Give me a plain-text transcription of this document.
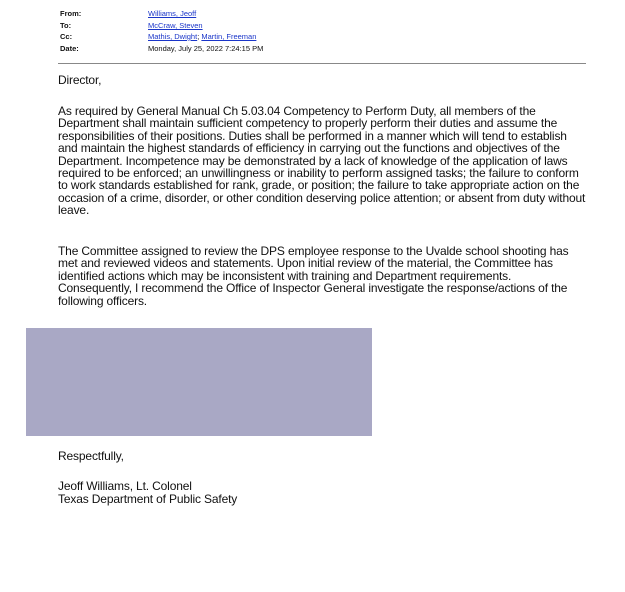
From:	Williams, Jeoff
To:	McCraw, Steven
Cc:	Mathis, Dwight ;
Martin, Freeman
Date:	Monday, July 25, 2022 7:24:15 PM
Director,
As required by General Manual Ch 5.03.04 Competency to Perform Duty, all members of the Department shall maintain sufficient competency to properly perform their duties and assume the responsibilities of their positions. Duties shall be performed in a manner which will tend to establish and maintain the highest standards of efficiency in carrying out the functions and objectives of the Department. Incompetence may be demonstrated by a lack of knowledge of the application of laws required to be enforced; an unwillingness or inability to perform assigned tasks; the failure to conform to work standards established for rank, grade, or position; the failure to take appropriate action on the occasion of a crime, disorder, or other condition deserving police attention; or absent from duty without leave.
The Committee assigned to review the DPS employee response to the Uvalde school shooting has met and reviewed videos and statements. Upon initial review of the material, the Committee has identified actions which may be inconsistent with training and Department requirements. Consequently, I recommend the Office of Inspector General investigate the response/actions of the following officers.
Respectfully,
Jeoff Williams, Lt. Colonel
Texas Department of Public Safety
